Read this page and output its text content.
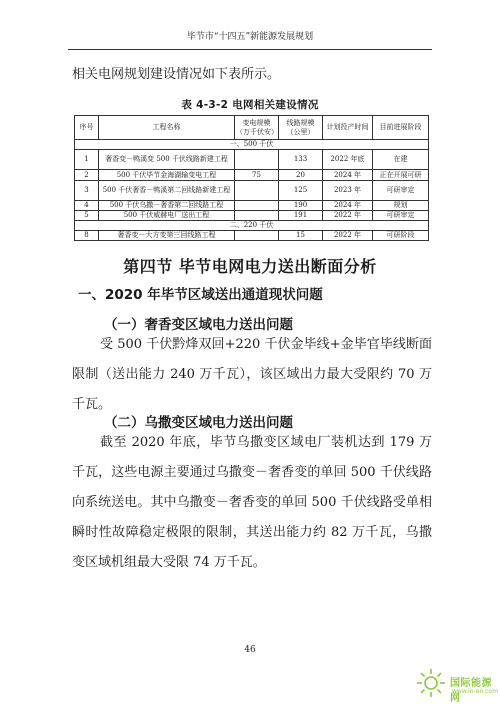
毕节市“十四五”新能源发展规划

相关电网规划建设情况如下表所示。

表 4-3-2 电网相关建设情况
序号	工程名称	变电规模（万千伏安）	线路规模（公里）	计划投产时间	目前进展阶段
一、500 千伏					
1	奢香变－鸭溪变 500 千伏线路新建工程		133	2022 年底	在建
2	500 千伏毕节金海湖输变电工程	75	20	2024 年	正在开展可研
3	500 千伏奢香－鸭溪第二回线路新建工程		125	2023 年	可研审定
4	500 千伏乌撒－奢香第二回线路工程		190	2024 年	规划
5	500 千伏威赫电厂送出工程		191	2022 年	可研审定
二、220 千伏					
8	奢香变－大方变第三回线路工程		15	2022 年	可研阶段
第四节 毕节电网电力送出断面分析
一、2020 年毕节区域送出通道现状问题
（一）奢香变区域电力送出问题

受 500 千伏黔烽双回+220 千伏金毕线+金毕官毕线断面限制（送出能力 240 万千瓦），该区域出力最大受限约 70 万千瓦。

（二）乌撒变区域电力送出问题

截至 2020 年底，毕节乌撒变区域电厂装机达到 179 万千瓦，这些电源主要通过乌撒变－奢香变的单回 500 千伏线路向系统送电。其中乌撒变－奢香变的单回 500 千伏线路受单相瞬时性故障稳定极限的限制，其送出能力约 82 万千瓦，乌撒变区域机组最大受限 74 万千瓦。

46
国际能源网
www.in-en.com
